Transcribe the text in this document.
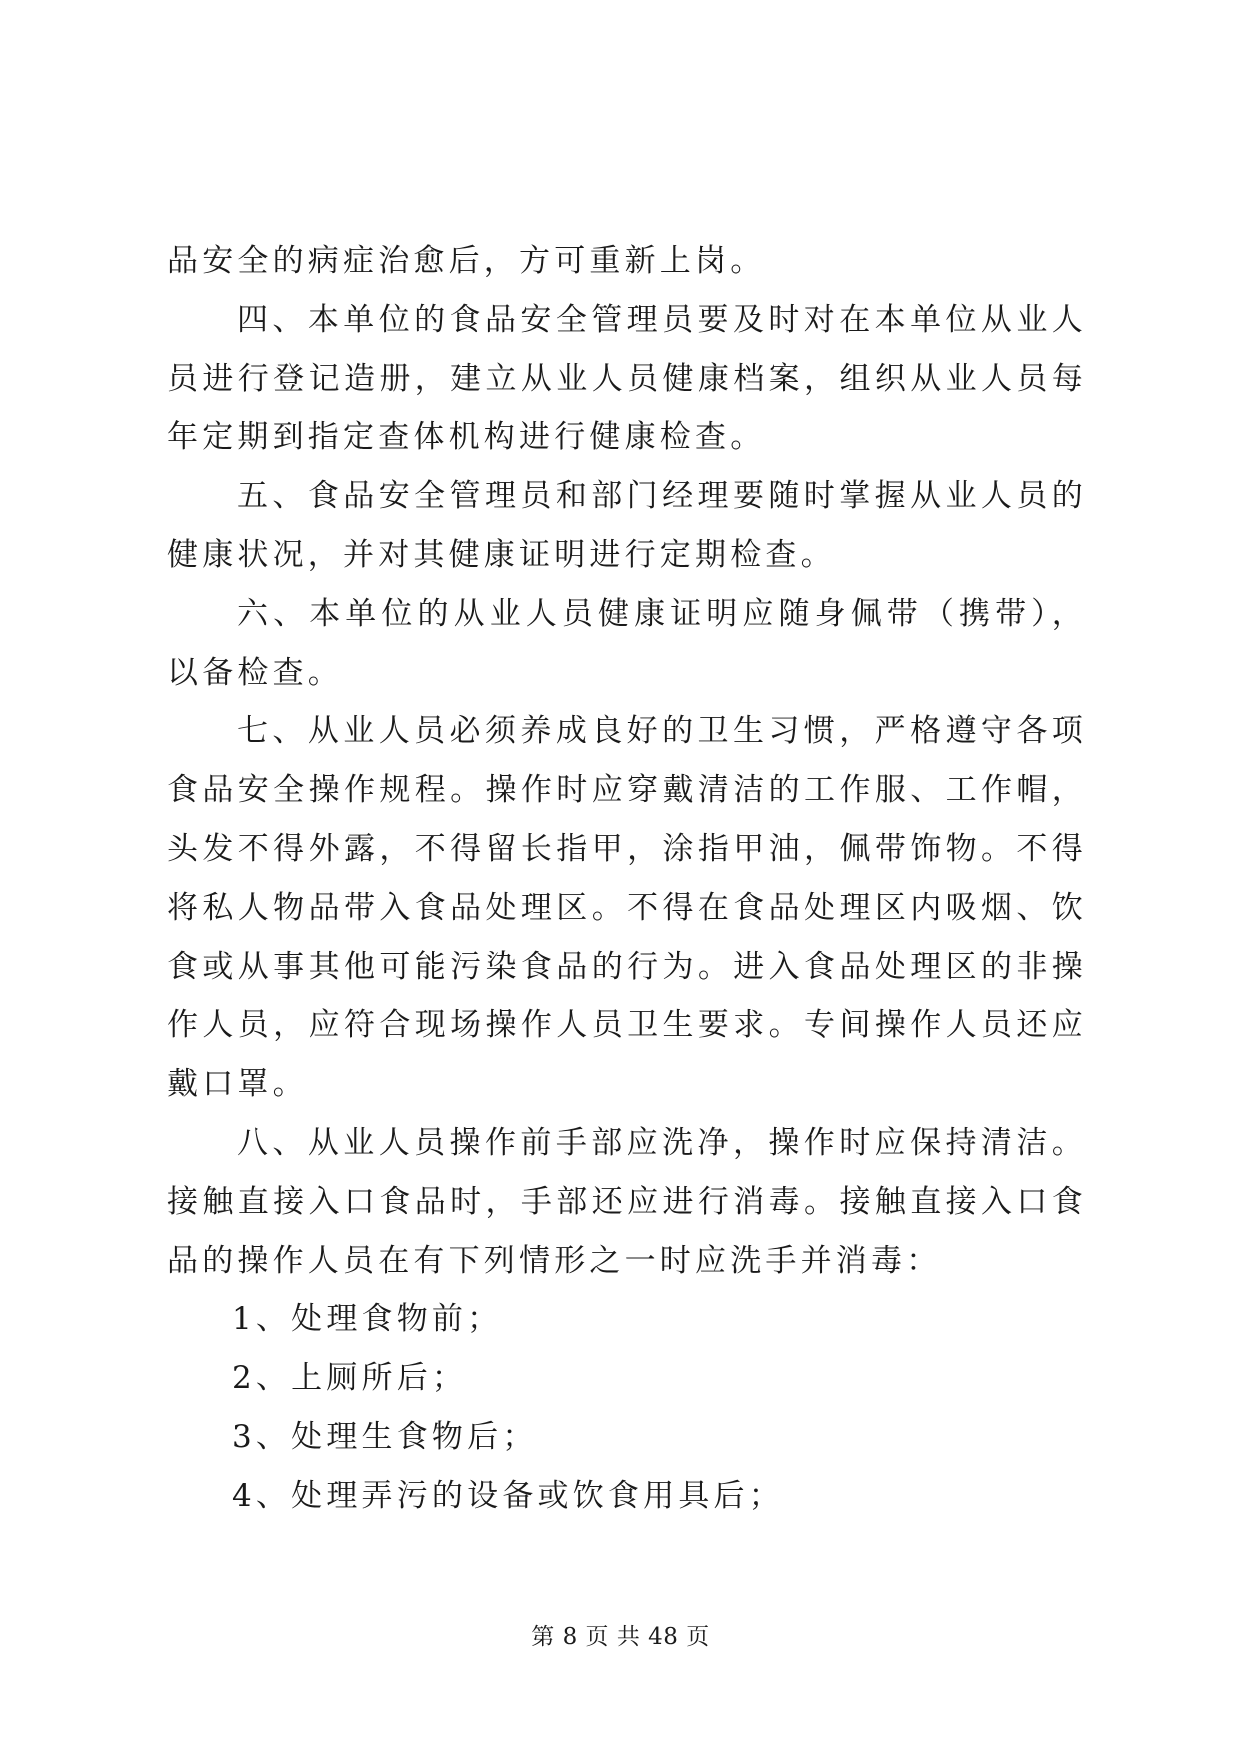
品安全的病症治愈后，方可重新上岗。

四、本单位的食品安全管理员要及时对在本单位从业人员进行登记造册，建立从业人员健康档案，组织从业人员每年定期到指定查体机构进行健康检查。

五、食品安全管理员和部门经理要随时掌握从业人员的健康状况，并对其健康证明进行定期检查。

六、本单位的从业人员健康证明应随身佩带（携带），以备检查。

七、从业人员必须养成良好的卫生习惯，严格遵守各项食品安全操作规程。操作时应穿戴清洁的工作服、工作帽，头发不得外露，不得留长指甲，涂指甲油，佩带饰物。不得将私人物品带入食品处理区。不得在食品处理区内吸烟、饮食或从事其他可能污染食品的行为。进入食品处理区的非操作人员，应符合现场操作人员卫生要求。专间操作人员还应戴口罩。

八、从业人员操作前手部应洗净，操作时应保持清洁。接触直接入口食品时，手部还应进行消毒。接触直接入口食品的操作人员在有下列情形之一时应洗手并消毒：

1、处理食物前；

2、上厕所后；

3、处理生食物后；

4、处理弄污的设备或饮食用具后；

第 8 页 共 48 页
